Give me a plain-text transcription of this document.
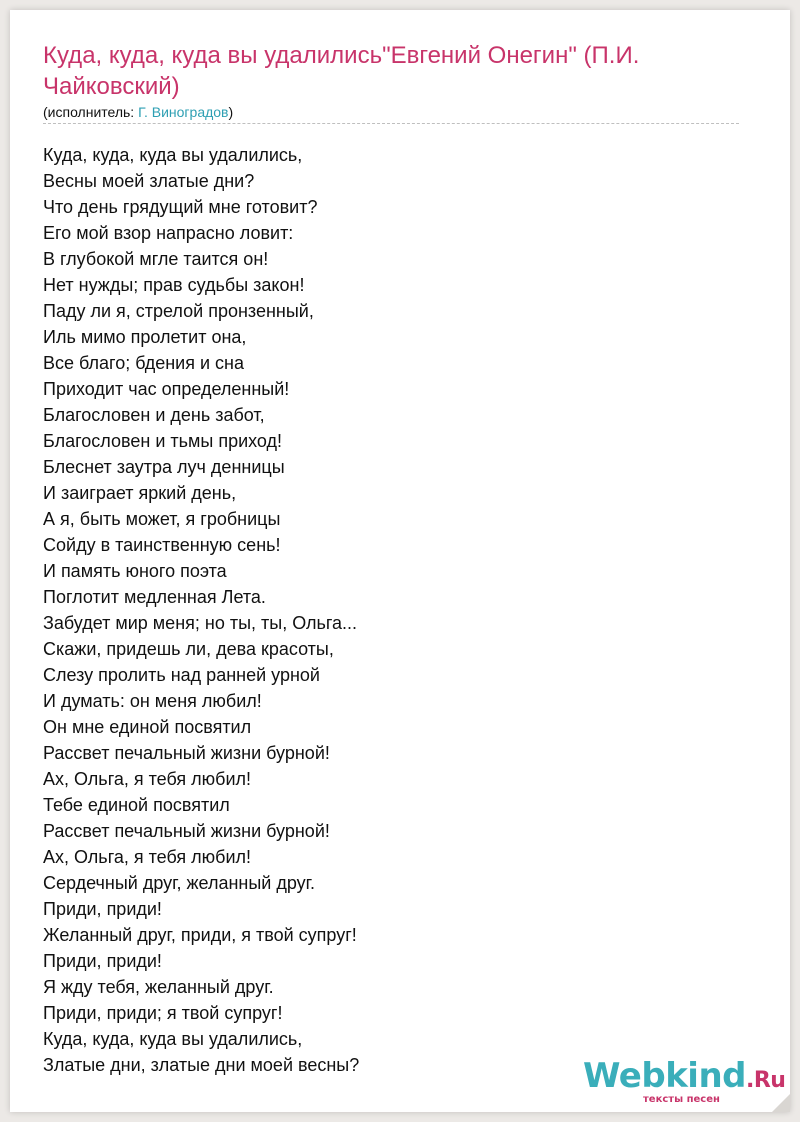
Куда, куда, куда вы удалились"Евгений Онегин" (П.И. Чайковский)
(исполнитель: Г. Виноградов)
Куда, куда, куда вы удалились,
Весны моей златые дни?
Что день грядущий мне готовит?
Его мой взор напрасно ловит:
В глубокой мгле таится он!
Нет нужды; прав судьбы закон!
Паду ли я, стрелой пронзенный,
Иль мимо пролетит она,
Все благо; бдения и сна
Приходит час определенный!
Благословен и день забот,
Благословен и тьмы приход!
Блеснет заутра луч денницы
И заиграет яркий день,
А я, быть может, я гробницы
Сойду в таинственную сень!
И память юного поэта
Поглотит медленная Лета.
Забудет мир меня; но ты, ты, Ольга...
Скажи, придешь ли, дева красоты,
Слезу пролить над ранней урной
И думать: он меня любил!
Он мне единой посвятил
Рассвет печальный жизни бурной!
Ах, Ольга, я тебя любил!
Тебе единой посвятил
Рассвет печальный жизни бурной!
Ах, Ольга, я тебя любил!
Сердечный друг, желанный друг.
Приди, приди!
Желанный друг, приди, я твой супруг!
Приди, приди!
Я жду тебя, желанный друг.
Приди, приди; я твой супруг!
Куда, куда, куда вы удалились,
Златые дни, златые дни моей весны?	Webkind.Ru
тексты песен
